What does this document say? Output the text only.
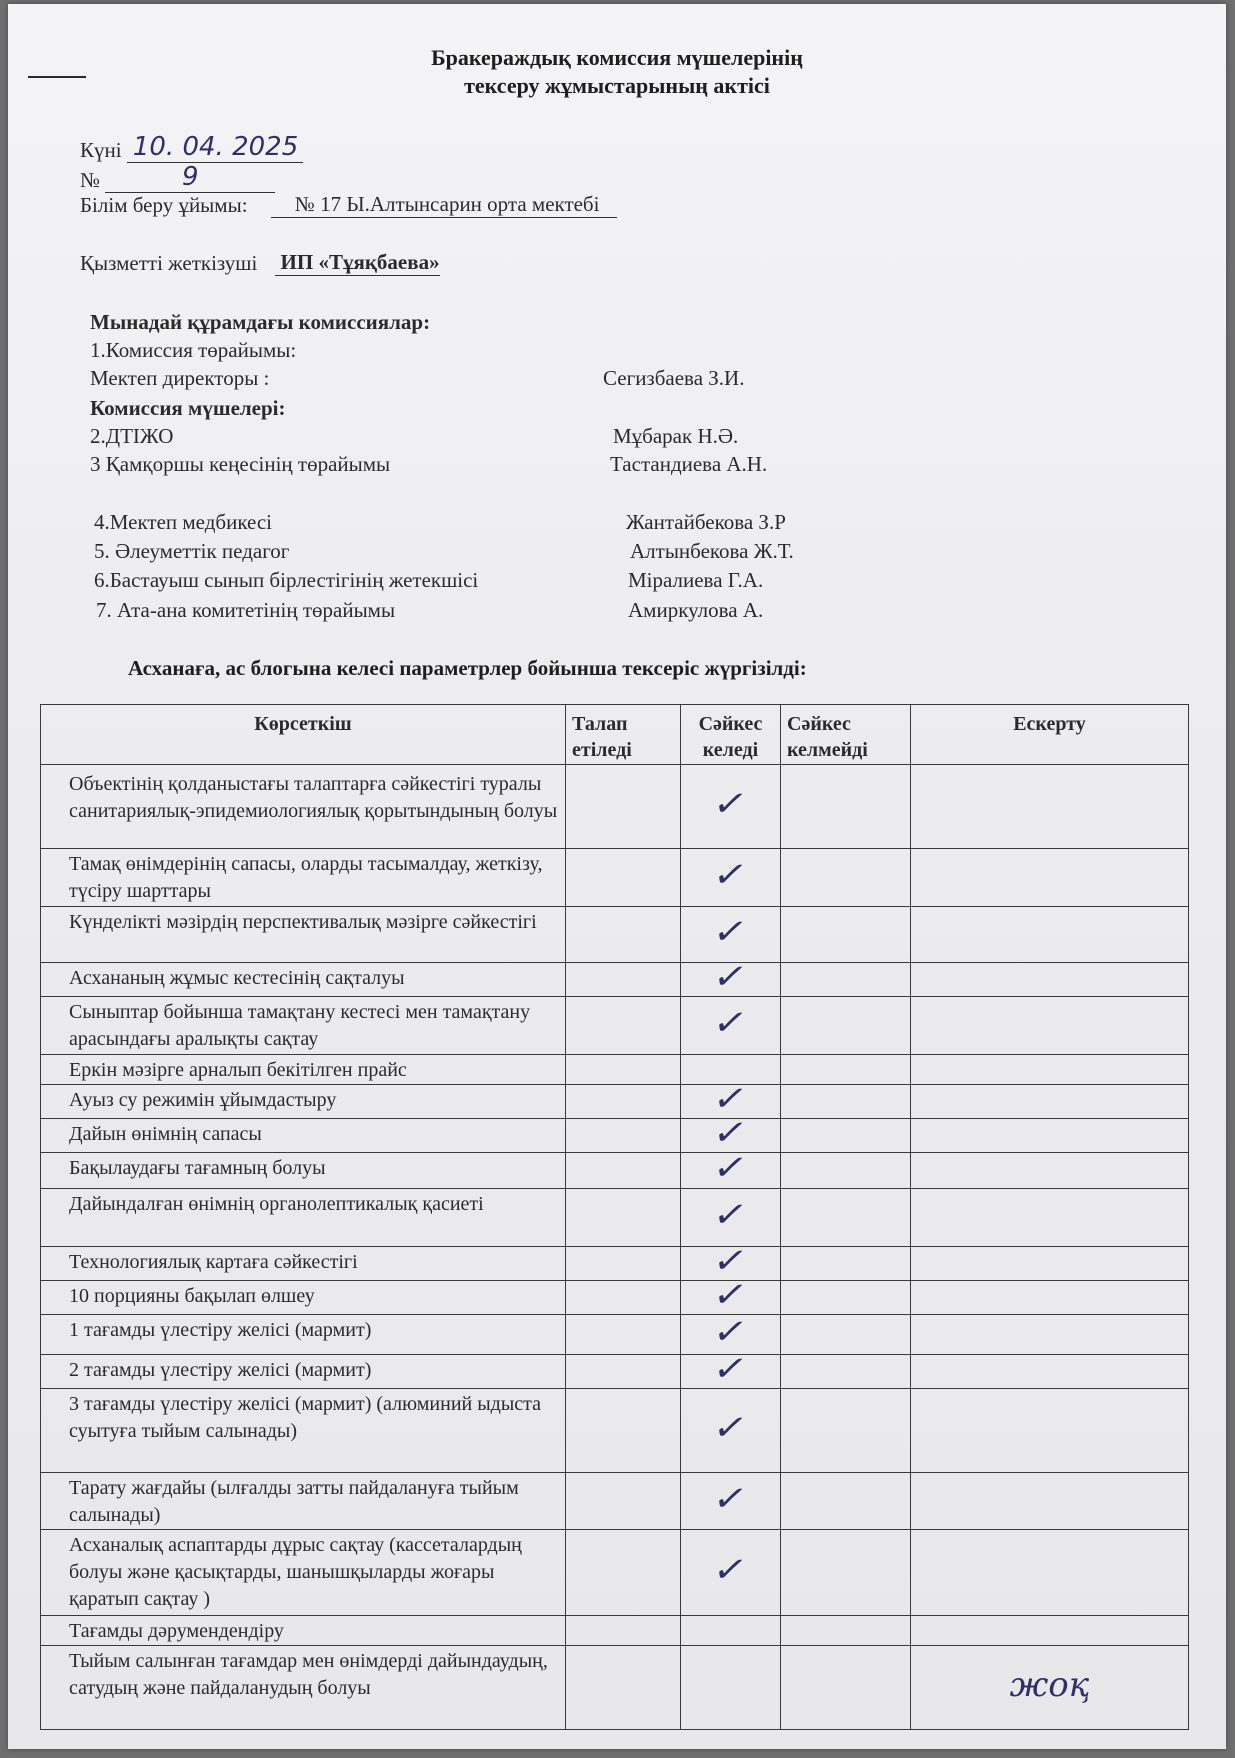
Бракераждық комиссия мүшелерінің
тексеру жұмыстарының актісі
Күні 10. 04. 2025
№	9
Білім беру ұйымы: № 17 Ы.Алтынсарин орта мектебі
Қызметті жеткізуші ИП «Тұяқбаева»
Мынадай құрамдағы комиссиялар:
1.Комиссия төрайымы:
Мектеп директоры :	Сегизбаева З.И.
Комиссия мүшелері:
2.ДТІЖО	Мұбарак Н.Ә.
3 Қамқоршы кеңесінің төрайымы	Тастандиева А.Н.
4.Мектеп медбикесі	Жантайбекова З.Р
5. Әлеуметтік педагог	Алтынбекова Ж.Т.
6.Бастауыш сынып бірлестігінің жетекшісі	Міралиева Г.А.
7. Ата-ана комитетінің төрайымы	Амиркулова А.
Асханаға, ас блогына келесі параметрлер бойынша тексеріс жүргізілді:
Көрсеткіш	Талап етіледі	Сәйкес келеді	Сәйкес келмейді	Ескерту
Объектінің қолданыстағы талаптарға сәйкестігі туралы санитариялық-эпидемиологиялық қорытындының болуы		✓		
Тамақ өнімдерінің сапасы, оларды тасымалдау, жеткізу, түсіру шарттары		✓		
Күнделікті мәзірдің перспективалық мәзірге сәйкестігі		✓		
Асхананың жұмыс кестесінің сақталуы		✓		
Сыныптар бойынша тамақтану кестесі мен тамақтану арасындағы аралықты сақтау		✓		
Еркін мәзірге арналып бекітілген прайс				
Ауыз су режимін ұйымдастыру		✓		
Дайын өнімнің сапасы		✓		
Бақылаудағы тағамның болуы		✓		
Дайындалған өнімнің органолептикалық қасиеті		✓		
Технологиялық картаға сәйкестігі		✓		
10 порцияны бақылап өлшеу		✓		
1 тағамды үлестіру желісі (мармит)		✓		
2 тағамды үлестіру желісі (мармит)		✓		
3 тағамды үлестіру желісі (мармит) (алюминий ыдыста суытуға тыйым салынады)		✓		
Тарату жағдайы (ылғалды затты пайдалануға тыйым салынады)		✓		
Асханалық аспаптарды дұрыс сақтау (кассеталардың болуы және қасықтарды, шанышқыларды жоғары қаратып сақтау )		✓		
Тағамды дәрумендендіру				
Тыйым салынған тағамдар мен өнімдерді дайындаудың, сатудың және пайдаланудың болуы				жоқ
